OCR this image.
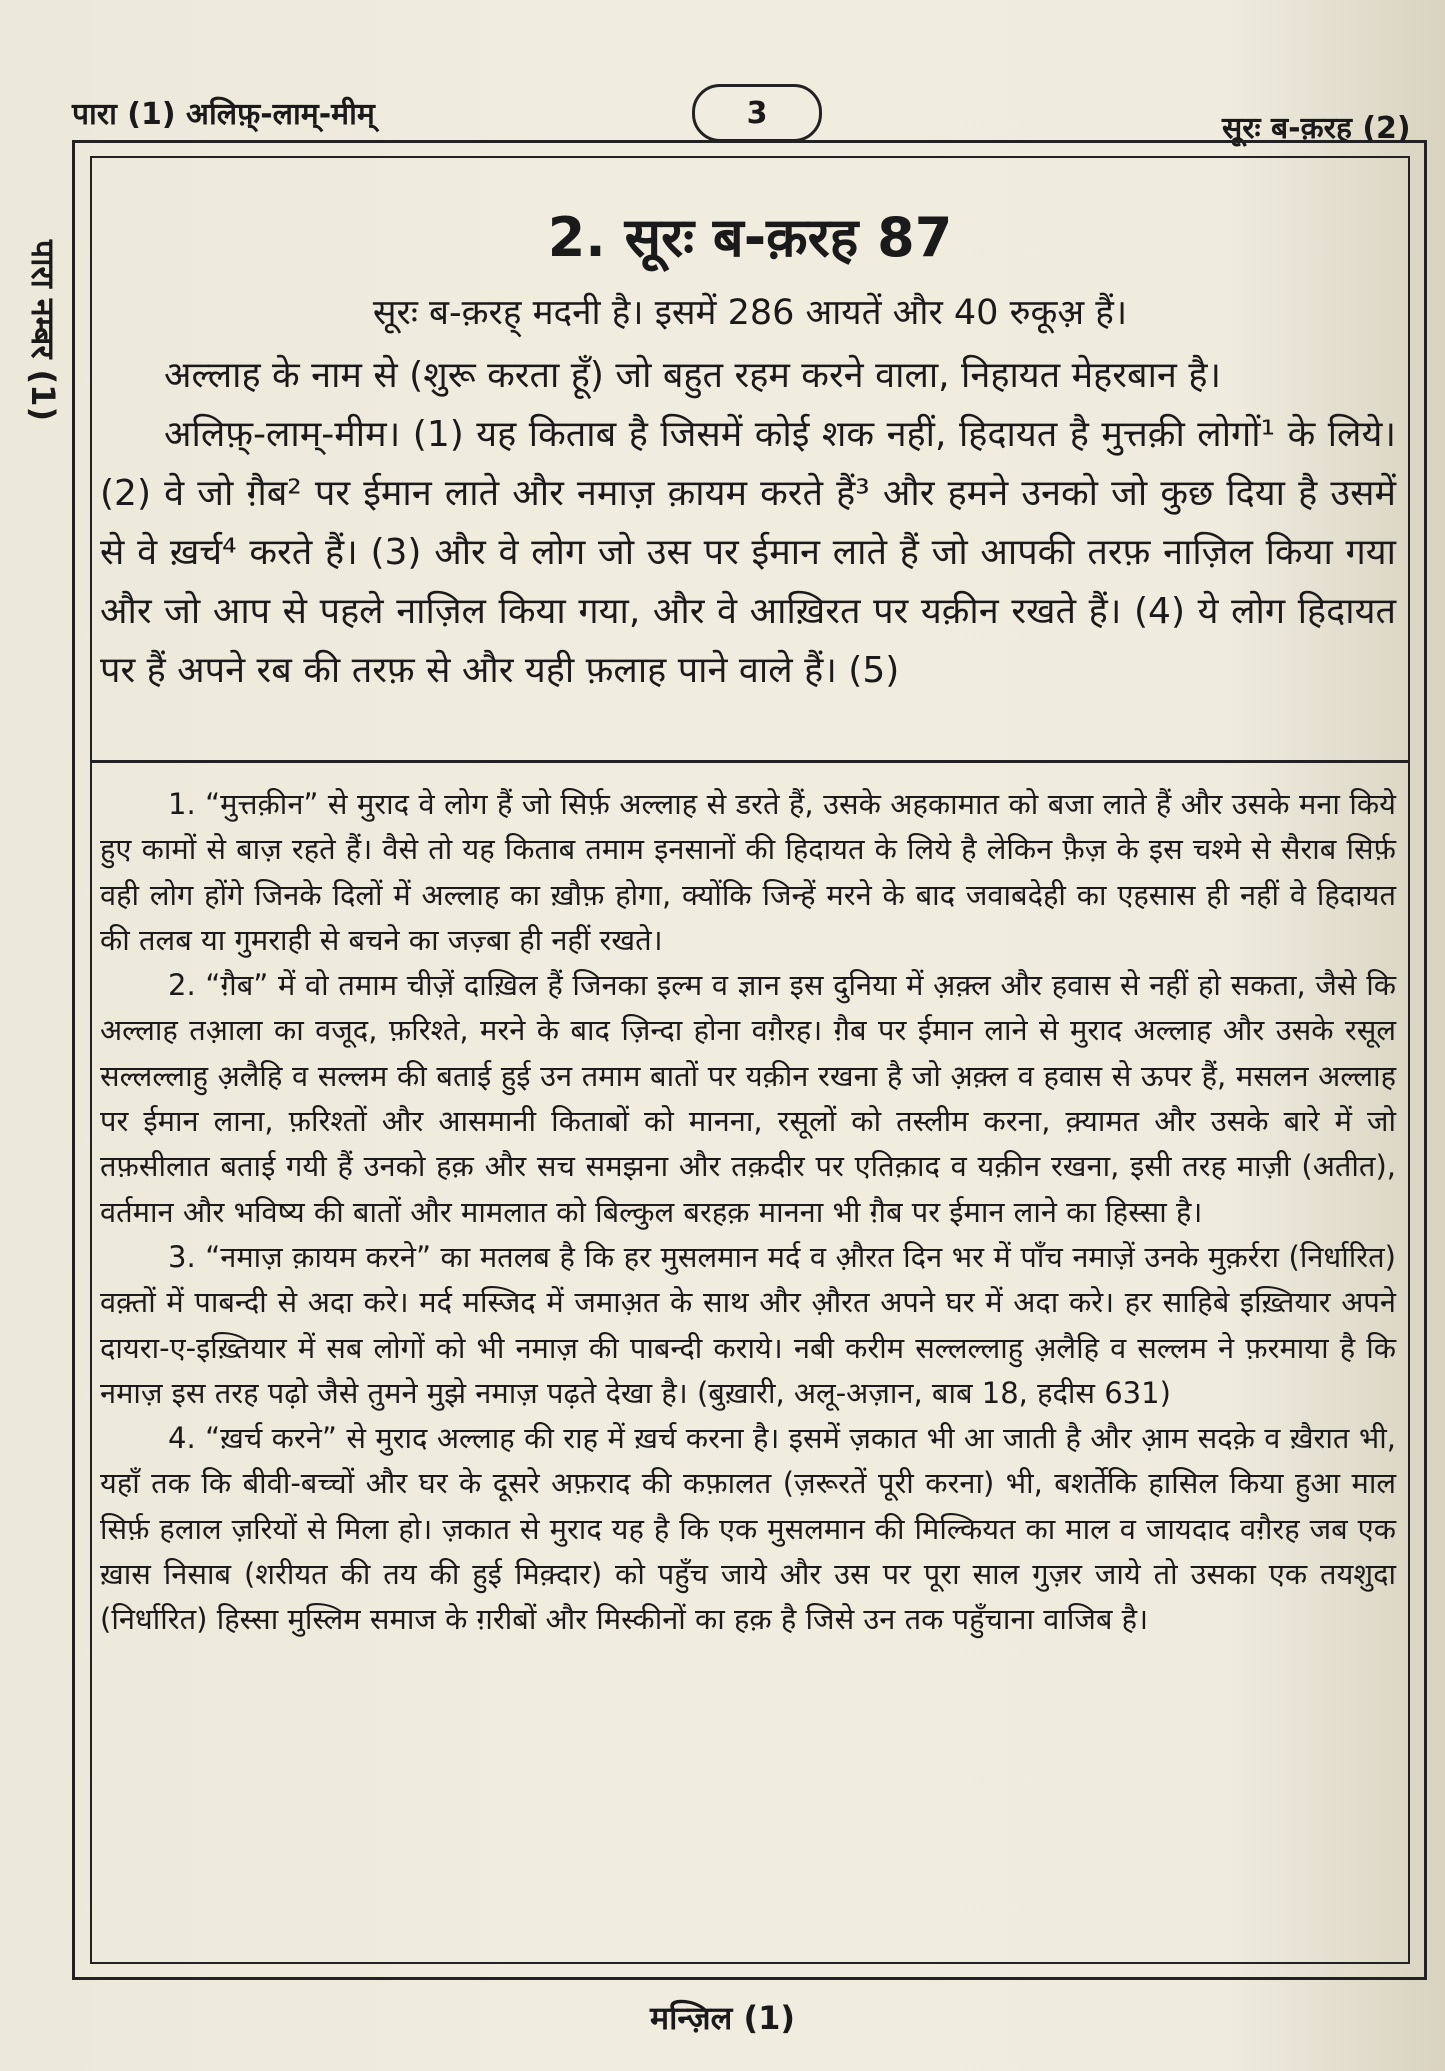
पारा (1) अलिफ़्-लाम्-मीम्	3	सूरः ब-क़रह (2)
पारा नम्बर (1)
2. सूरः ब-क़रह 87
सूरः ब-क़रह् मदनी है। इसमें 286 आयतें और 40 रुकूअ़ हैं।

अल्लाह के नाम से (शुरू करता हूँ) जो बहुत रहम करने वाला, निहायत मेहरबान है।

अलिफ़्-लाम्-मीम। (1) यह किताब है जिसमें कोई शक नहीं, हिदायत है मुत्तक़ी लोगों¹ के लिये। (2) वे जो ग़ैब² पर ईमान लाते और नमाज़ क़ायम करते हैं³ और हमने उनको जो कुछ दिया है उसमें से वे ख़र्च⁴ करते हैं। (3) और वे लोग जो उस पर ईमान लाते हैं जो आपकी तरफ़ नाज़िल किया गया और जो आप से पहले नाज़िल किया गया, और वे आख़िरत पर यक़ीन रखते हैं। (4) ये लोग हिदायत पर हैं अपने रब की तरफ़ से और यही फ़लाह पाने वाले हैं। (5)

1. “मुत्तक़ीन” से मुराद वे लोग हैं जो सिर्फ़ अल्लाह से डरते हैं, उसके अहकामात को बजा लाते हैं और उसके मना किये हुए कामों से बाज़ रहते हैं। वैसे तो यह किताब तमाम इनसानों की हिदायत के लिये है लेकिन फ़ैज़ के इस चश्मे से सैराब सिर्फ़ वही लोग होंगे जिनके दिलों में अल्लाह का ख़ौफ़ होगा, क्योंकि जिन्हें मरने के बाद जवाबदेही का एहसास ही नहीं वे हिदायत की तलब या गुमराही से बचने का जज़्बा ही नहीं रखते।

2. “ग़ैब” में वो तमाम चीज़ें दाख़िल हैं जिनका इल्म व ज्ञान इस दुनिया में अ़क़्ल और हवास से नहीं हो सकता, जैसे कि अल्लाह तआ़ला का वजूद, फ़रिश्ते, मरने के बाद ज़िन्दा होना वग़ैरह। ग़ैब पर ईमान लाने से मुराद अल्लाह और उसके रसूल सल्लल्लाहु अ़लैहि व सल्लम की बताई हुई उन तमाम बातों पर यक़ीन रखना है जो अ़क़्ल व हवास से ऊपर हैं, मसलन अल्लाह पर ईमान लाना, फ़रिश्तों और आसमानी किताबों को मानना, रसूलों को तस्लीम करना, क़्यामत और उसके बारे में जो तफ़सीलात बताई गयी हैं उनको हक़ और सच समझना और तक़दीर पर एतिक़ाद व यक़ीन रखना, इसी तरह माज़ी (अतीत), वर्तमान और भविष्य की बातों और मामलात को बिल्कुल बरहक़ मानना भी ग़ैब पर ईमान लाने का हिस्सा है।

3. “नमाज़ क़ायम करने” का मतलब है कि हर मुसलमान मर्द व औ़रत दिन भर में पाँच नमाज़ें उनके मुक़र्ररा (निर्धारित) वक़्तों में पाबन्दी से अदा करे। मर्द मस्जिद में जमाअ़त के साथ और औ़रत अपने घर में अदा करे। हर साहिबे इख़्तियार अपने दायरा-ए-इख़्तियार में सब लोगों को भी नमाज़ की पाबन्दी कराये। नबी करीम सल्लल्लाहु अ़लैहि व सल्लम ने फ़रमाया है कि नमाज़ इस तरह पढ़ो जैसे तुमने मुझे नमाज़ पढ़ते देखा है। (बुख़ारी, अलू-अज़ान, बाब 18, हदीस 631)

4. “ख़र्च करने” से मुराद अल्लाह की राह में ख़र्च करना है। इसमें ज़कात भी आ जाती है और आ़म सदक़े व ख़ैरात भी, यहाँ तक कि बीवी-बच्चों और घर के दूसरे अफ़राद की कफ़ालत (ज़रूरतें पूरी करना) भी, बशर्तेकि हासिल किया हुआ माल सिर्फ़ हलाल ज़रियों से मिला हो। ज़कात से मुराद यह है कि एक मुसलमान की मिल्कियत का माल व जायदाद वग़ैरह जब एक ख़ास निसाब (शरीयत की तय की हुई मिक़्दार) को पहुँच जाये और उस पर पूरा साल गुज़र जाये तो उसका एक तयशुदा (निर्धारित) हिस्सा मुस्लिम समाज के ग़रीबों और मिस्कीनों का हक़ है जिसे उन तक पहुँचाना वाजिब है।

मन्ज़िल (1)
